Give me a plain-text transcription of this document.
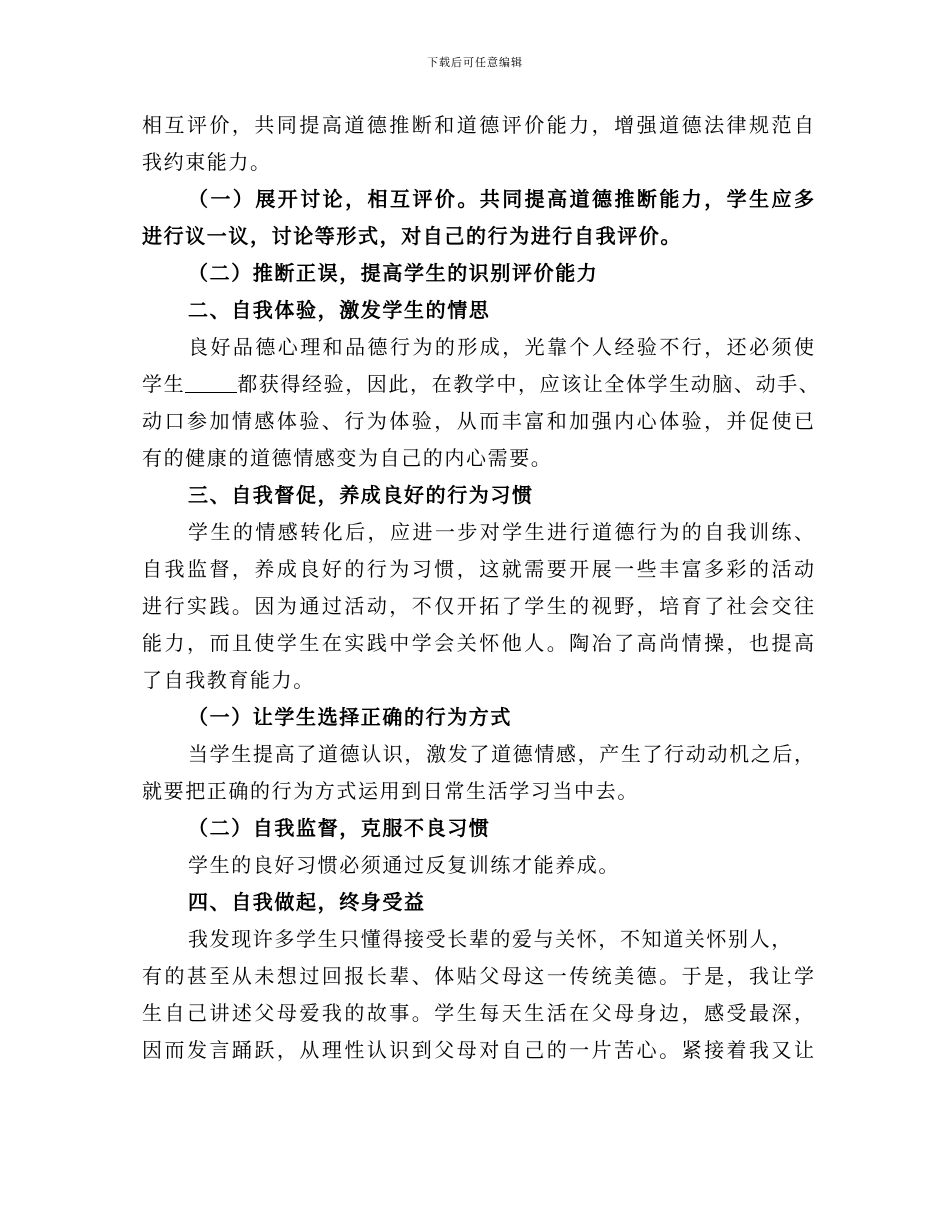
下载后可任意编辑
相互评价，共同提高道德推断和道德评价能力，增强道德法律规范自
我约束能力。
（一）展开讨论，相互评价。共同提高道德推断能力，学生应多
进行议一议，讨论等形式，对自己的行为进行自我评价。
（二）推断正误，提高学生的识别评价能力
二、自我体验，激发学生的情思
良好品德心理和品德行为的形成，光靠个人经验不行，还必须使
学生	都获得经验，因此，在教学中，应该让全体学生动脑、动手、
动口参加情感体验、行为体验，从而丰富和加强内心体验，并促使已
有的健康的道德情感变为自己的内心需要。
三、自我督促，养成良好的行为习惯
学生的情感转化后，应进一步对学生进行道德行为的自我训练、
自我监督，养成良好的行为习惯，这就需要开展一些丰富多彩的活动
进行实践。因为通过活动，不仅开拓了学生的视野，培育了社会交往
能力，而且使学生在实践中学会关怀他人。陶冶了高尚情操，也提高
了自我教育能力。
（一）让学生选择正确的行为方式
当学生提高了道德认识，激发了道德情感，产生了行动动机之后，
就要把正确的行为方式运用到日常生活学习当中去。
（二）自我监督，克服不良习惯
学生的良好习惯必须通过反复训练才能养成。
四、自我做起，终身受益
我发现许多学生只懂得接受长辈的爱与关怀，不知道关怀别人，
有的甚至从未想过回报长辈、体贴父母这一传统美德。于是，我让学
生自己讲述父母爱我的故事。学生每天生活在父母身边，感受最深，
因而发言踊跃，从理性认识到父母对自己的一片苦心。紧接着我又让
